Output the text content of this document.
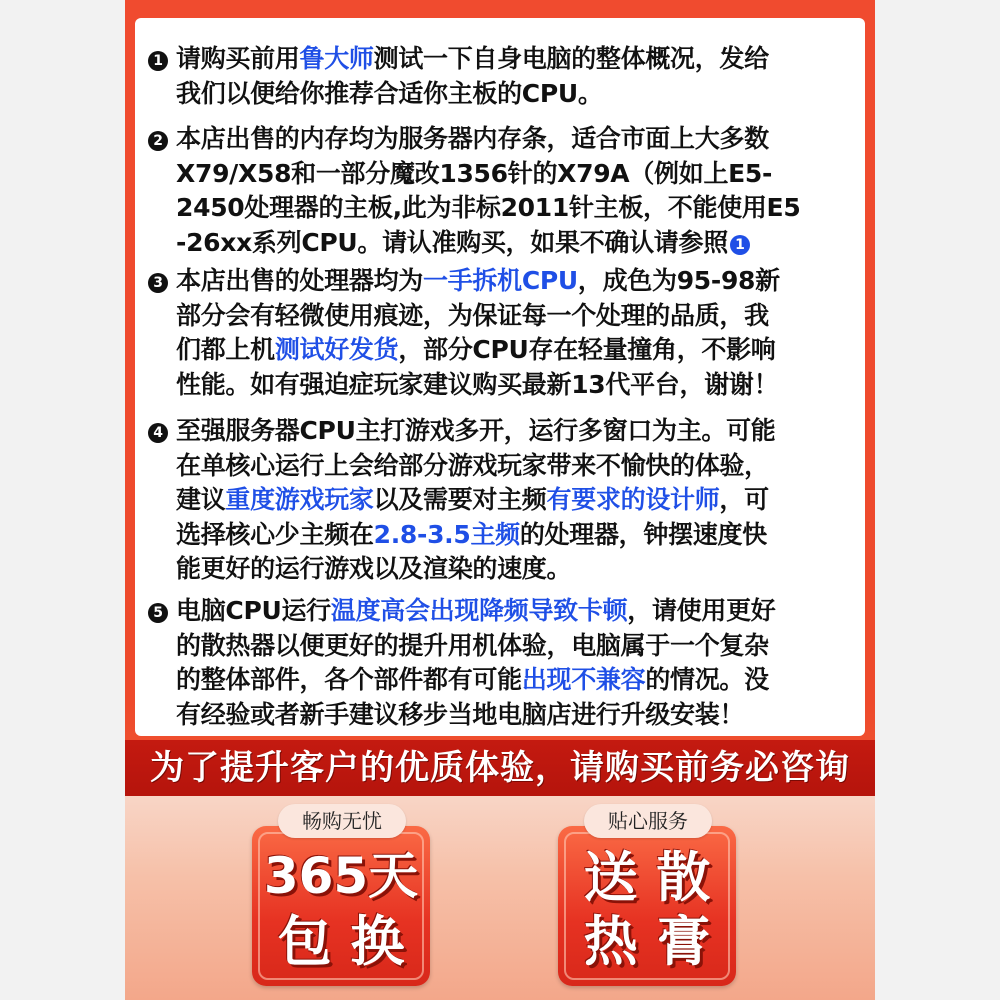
1 请购买前用鲁大师测试一下自身电脑的整体概况，发给
我们以便给你推荐合适你主板的CPU。
2 本店出售的内存均为服务器内存条，适合市面上大多数
X79/X58和一部分魔改1356针的X79A（例如上E5-
2450处理器的主板,此为非标2011针主板，不能使用E5
-26xx系列CPU。请认准购买，如果不确认请参照 1
3 本店出售的处理器均为一手拆机CPU，成色为95-98新
部分会有轻微使用痕迹，为保证每一个处理的品质，我
们都上机测试好发货，部分CPU存在轻量撞角，不影响
性能。如有强迫症玩家建议购买最新13代平台，谢谢！
4 至强服务器CPU主打游戏多开，运行多窗口为主。可能
在单核心运行上会给部分游戏玩家带来不愉快的体验，
建议重度游戏玩家以及需要对主频有要求的设计师，可
选择核心少主频在2.8-3.5主频的处理器，钟摆速度快
能更好的运行游戏以及渲染的速度。
5 电脑CPU运行温度高会出现降频导致卡顿，请使用更好
的散热器以便更好的提升用机体验，电脑属于一个复杂
的整体部件，各个部件都有可能出现不兼容的情况。没
有经验或者新手建议移步当地电脑店进行升级安装！
为了提升客户的优质体验，请购买前务必咨询
365天
包 换
畅购无忧
送 散
热 膏
贴心服务
